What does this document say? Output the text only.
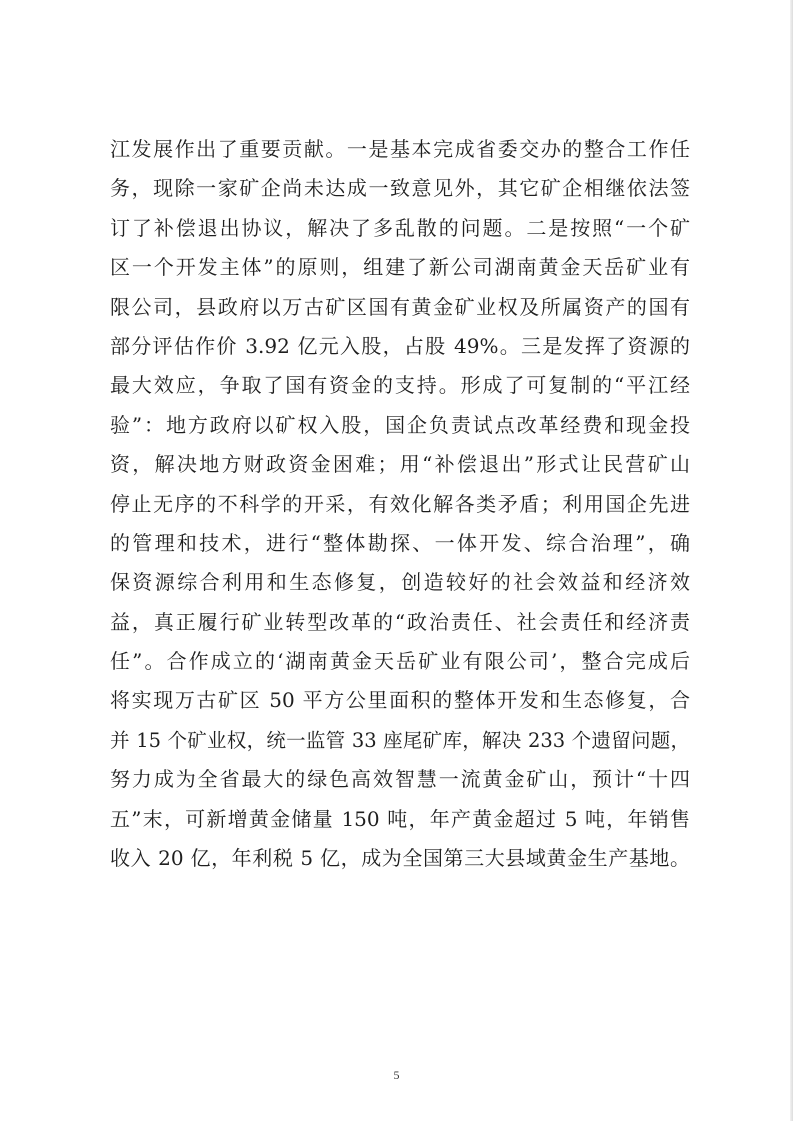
江发展作出了重要贡献。一是基本完成省委交办的整合工作任
务，现除一家矿企尚未达成一致意见外，其它矿企相继依法签
订了补偿退出协议，解决了多乱散的问题。二是按照“一个矿
区一个开发主体”的原则，组建了新公司湖南黄金天岳矿业有
限公司，县政府以万古矿区国有黄金矿业权及所属资产的国有
部分评估作价 3.92 亿元入股，占股 49%。三是发挥了资源的
最大效应，争取了国有资金的支持。形成了可复制的“平江经
验”：地方政府以矿权入股，国企负责试点改革经费和现金投
资，解决地方财政资金困难；用“补偿退出”形式让民营矿山
停止无序的不科学的开采，有效化解各类矛盾；利用国企先进
的管理和技术，进行“整体勘探、一体开发、综合治理”，确
保资源综合利用和生态修复，创造较好的社会效益和经济效
益，真正履行矿业转型改革的“政治责任、社会责任和经济责
任”。合作成立的‘湖南黄金天岳矿业有限公司’，整合完成后
将实现万古矿区 50 平方公里面积的整体开发和生态修复，合
并 15 个矿业权，统一监管 33 座尾矿库，解决 233 个遗留问题，
努力成为全省最大的绿色高效智慧一流黄金矿山，预计“十四
五”末，可新增黄金储量 150 吨，年产黄金超过 5 吨，年销售
收入 20 亿，年利税 5 亿，成为全国第三大县域黄金生产基地。
5
